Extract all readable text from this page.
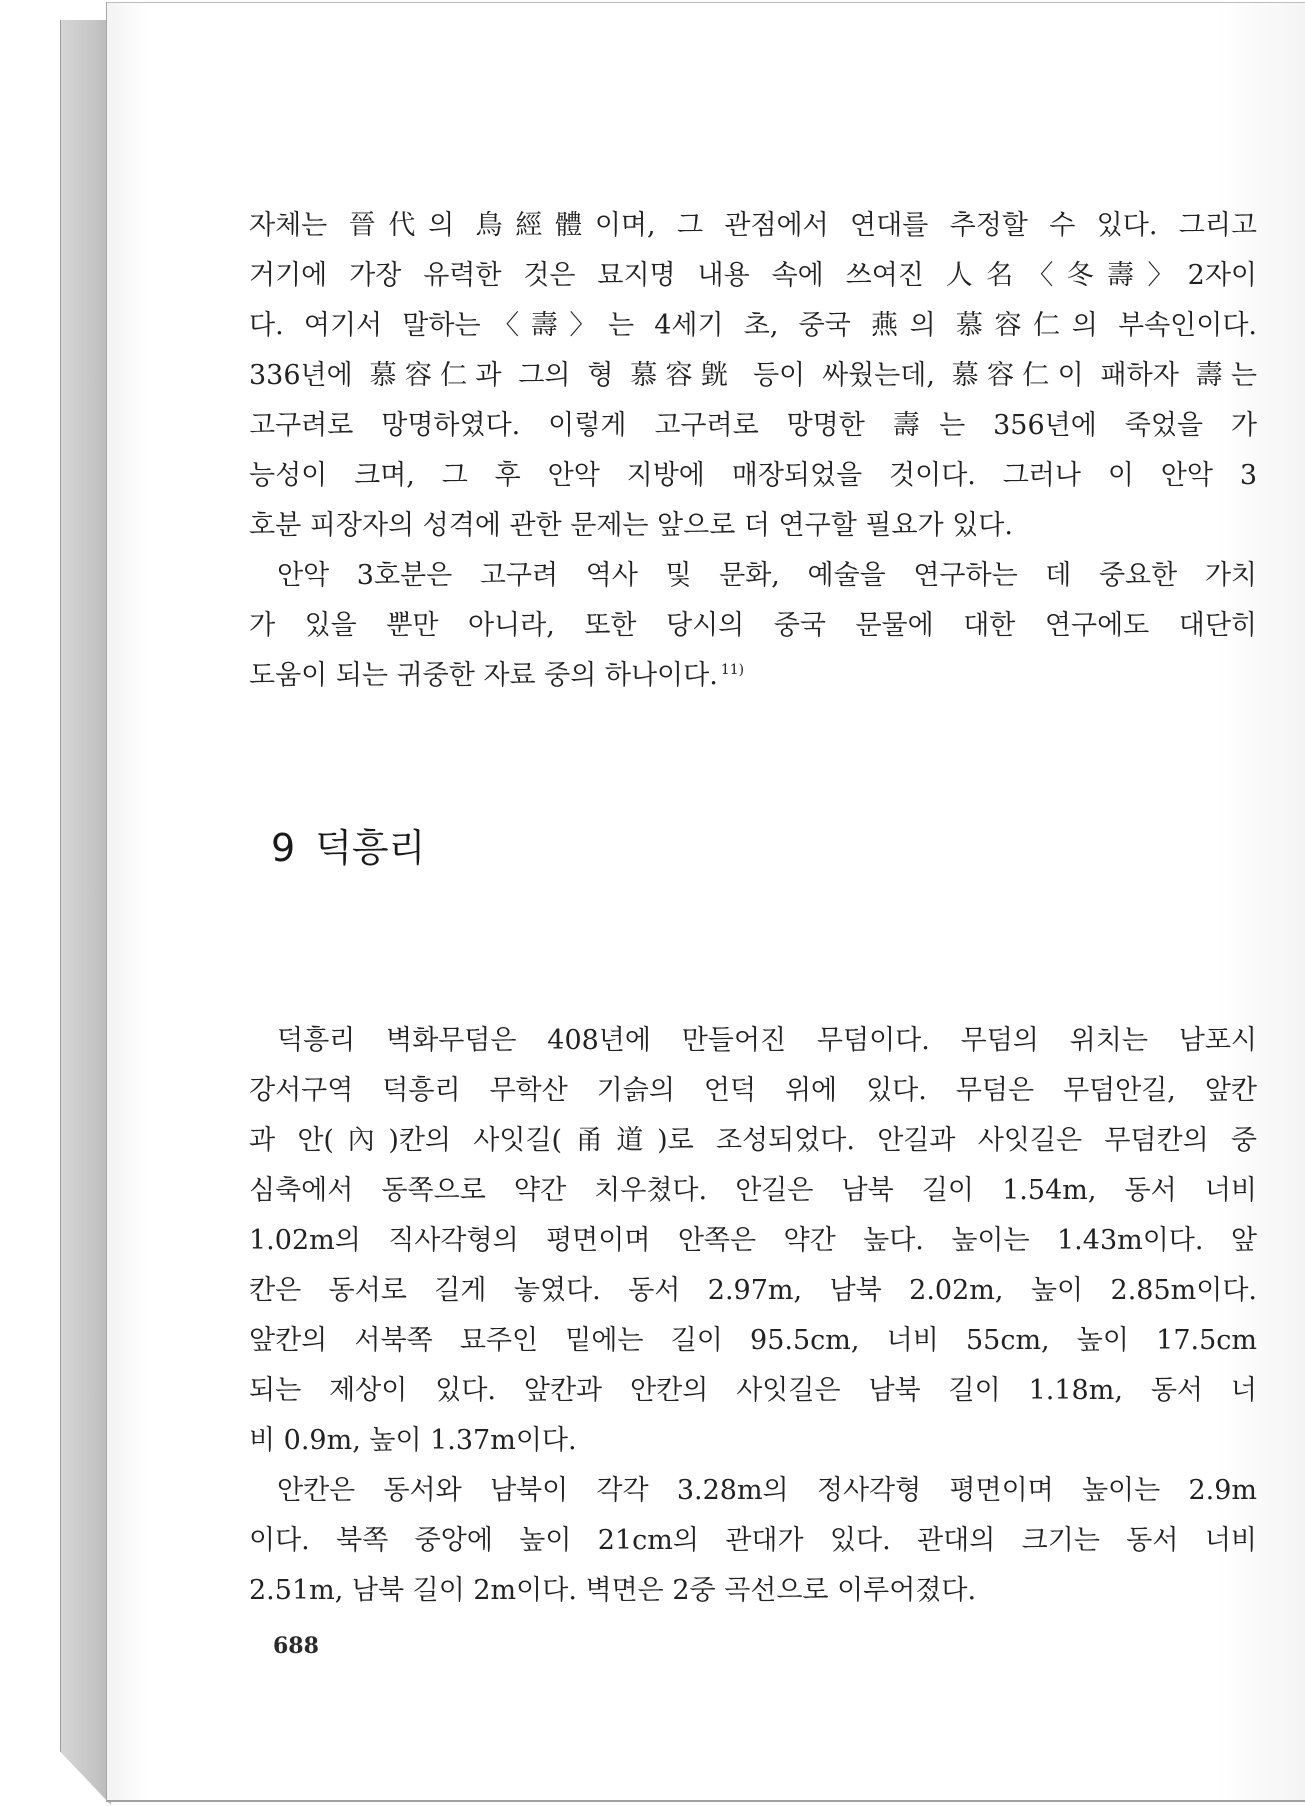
자체는 晉代의 鳥經體이며, 그 관점에서 연대를 추정할 수 있다. 그리고
거기에 가장 유력한 것은 묘지명 내용 속에 쓰여진 人名〈冬壽〉2자이
다. 여기서 말하는〈壽〉는 4세기 초, 중국 燕의 慕容仁의 부속인이다.
336년에 慕容仁과 그의 형 慕容皝 등이 싸웠는데, 慕容仁이 패하자 壽는
고구려로 망명하였다. 이렇게 고구려로 망명한 壽는 356년에 죽었을 가
능성이 크며, 그 후 안악 지방에 매장되었을 것이다. 그러나 이 안악 3
호분 피장자의 성격에 관한 문제는 앞으로 더 연구할 필요가 있다.

안악 3호분은 고구려 역사 및 문화, 예술을 연구하는 데 중요한 가치
가 있을 뿐만 아니라, 또한 당시의 중국 문물에 대한 연구에도 대단히
도움이 되는 귀중한 자료 중의 하나이다. $^{11)}$

9 덕흥리

덕흥리 벽화무덤은 408년에 만들어진 무덤이다. 무덤의 위치는 남포시
강서구역 덕흥리 무학산 기슭의 언덕 위에 있다. 무덤은 무덤안길, 앞칸
과 안(內)칸의 사잇길(甬道)로 조성되었다. 안길과 사잇길은 무덤칸의 중
심축에서 동쪽으로 약간 치우쳤다. 안길은 남북 길이 1.54m, 동서 너비
1.02m의 직사각형의 평면이며 안쪽은 약간 높다. 높이는 1.43m이다. 앞
칸은 동서로 길게 놓였다. 동서 2.97m, 남북 2.02m, 높이 2.85m이다.
앞칸의 서북쪽 묘주인 밑에는 길이 95.5cm, 너비 55cm, 높이 17.5cm
되는 제상이 있다. 앞칸과 안칸의 사잇길은 남북 길이 1.18m, 동서 너
비 0.9m, 높이 1.37m이다.

안칸은 동서와 남북이 각각 3.28m의 정사각형 평면이며 높이는 2.9m
이다. 북쪽 중앙에 높이 21cm의 관대가 있다. 관대의 크기는 동서 너비
2.51m, 남북 길이 2m이다. 벽면은 2중 곡선으로 이루어졌다.

688
